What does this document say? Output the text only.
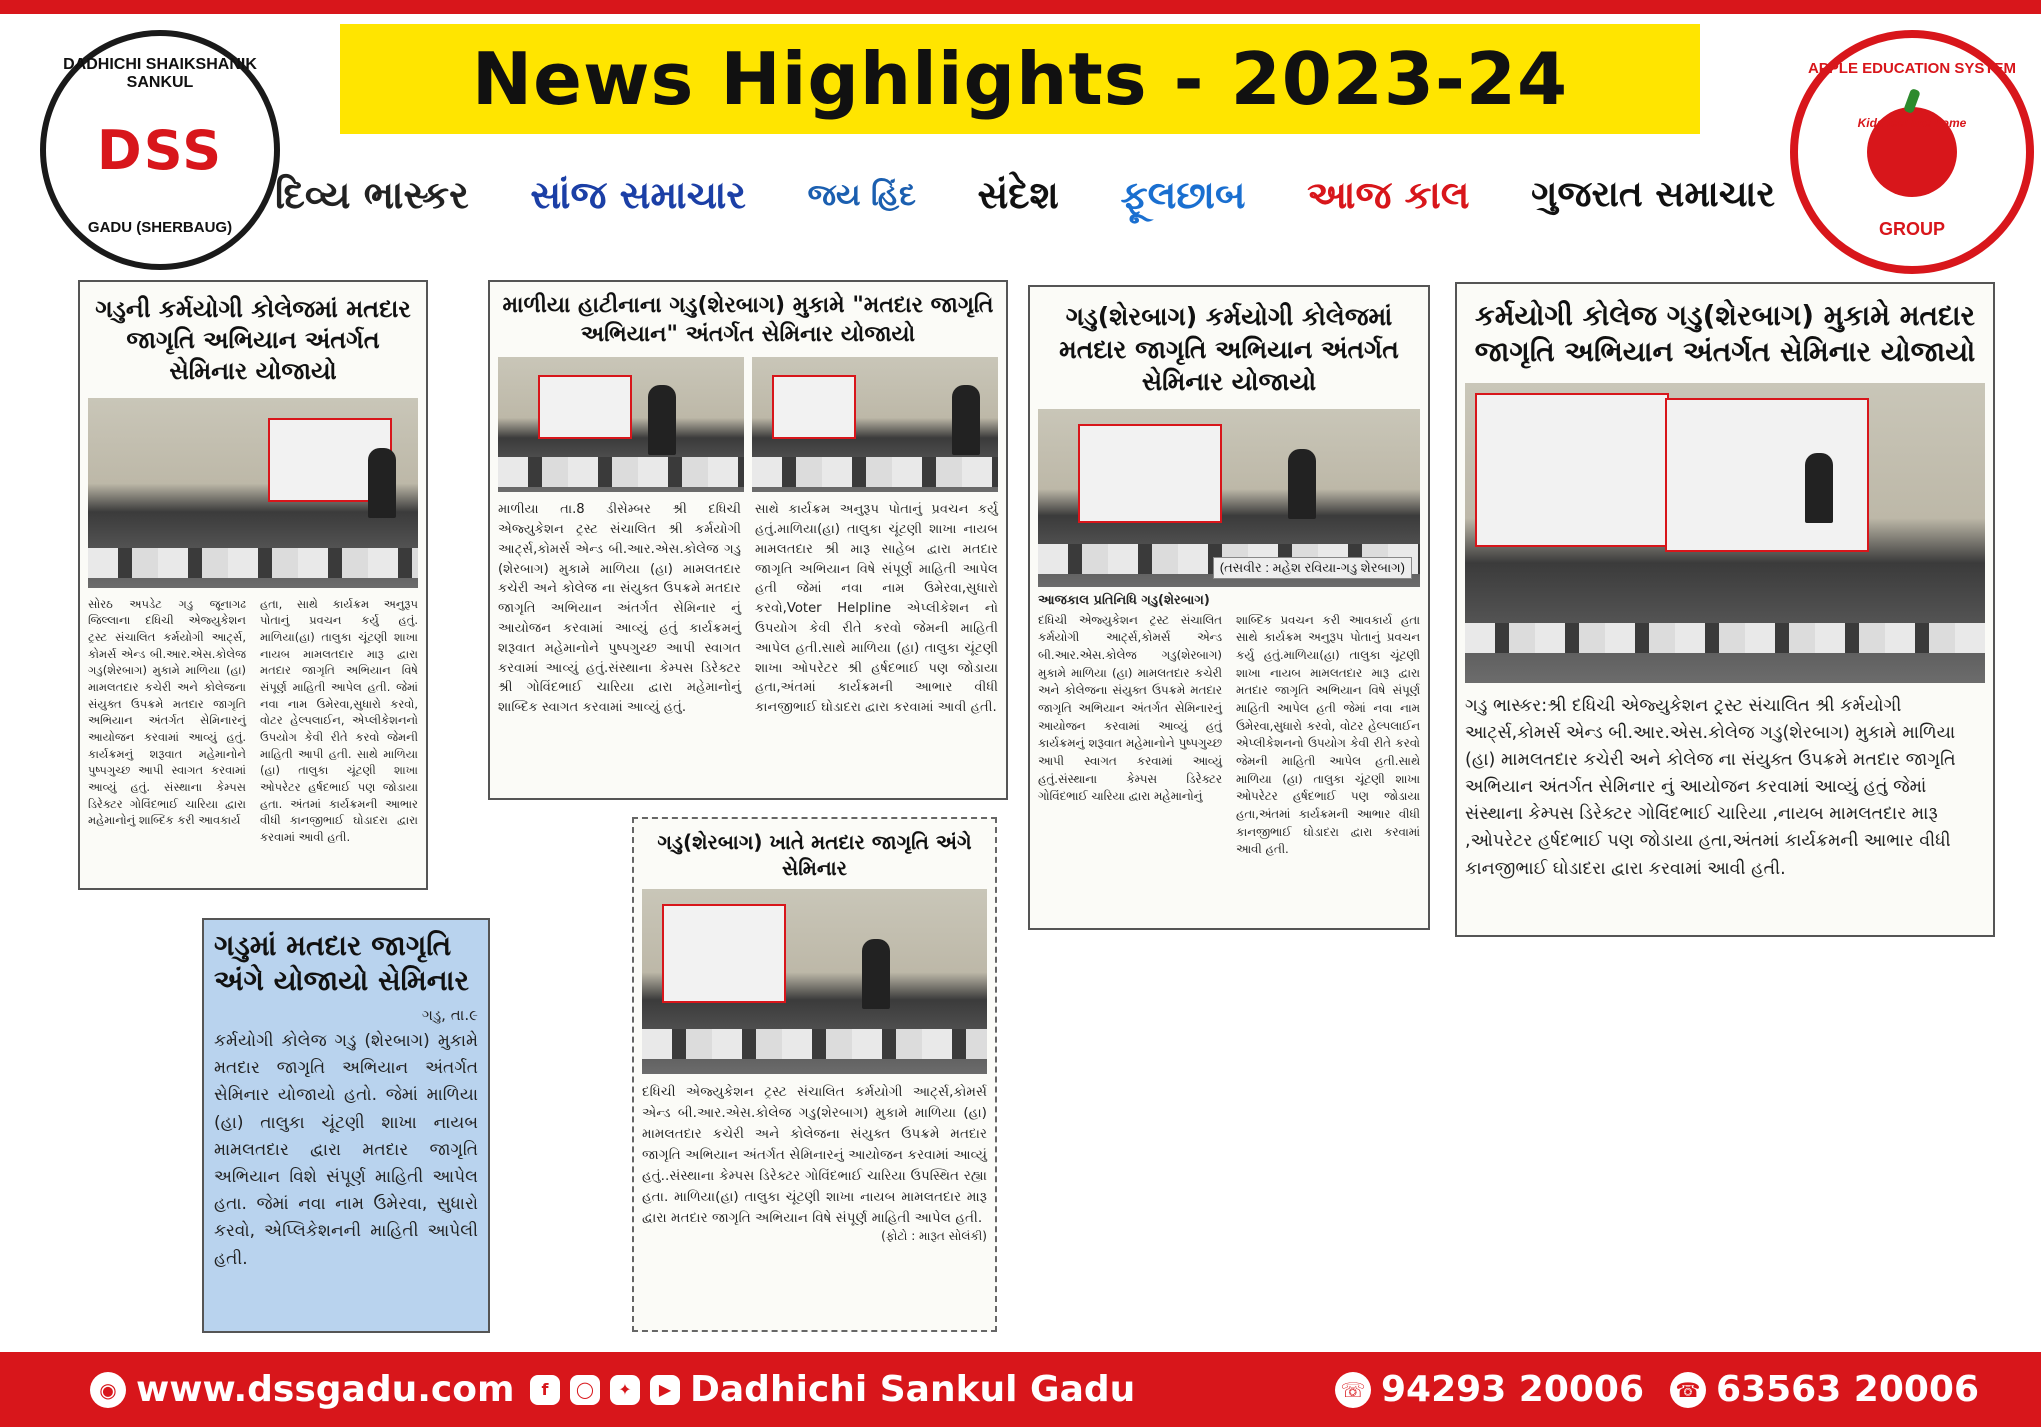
DADHICHI SHAIKSHANIK SANKUL
DSS
GADU (SHERBAUG)
News Highlights - 2023-24	APPLE EDUCATION SYSTEM
Kids feel like home
GROUP
દિવ્ય ભાસ્કર સાંજ સમાચાર જય હિંદ સંદેશ ફૂલછાબ આજ કાલ ગુજરાત સમાચાર
ગડુની કર્મયોગી કોલેજમાં મતદાર જાગૃતિ અભિયાન અંતર્ગત સેમિનાર યોજાયો
સોરઠ અપડેટ ગડુ જૂનાગઢ જિલ્લાના દધિચી એજ્યુકેશન ટ્રસ્ટ સંચાલિત કર્મયોગી આર્ટ્સ, કોમર્સ એન્ડ બી.આર.એસ.કોલેજ ગડુ(શેરબાગ) મુકામે માળિયા (હા) મામલતદાર કચેરી અને કોલેજના સંયુક્ત ઉપક્રમે મતદાર જાગૃતિ અભિયાન અંતર્ગત સેમિનારનું આયોજન કરવામાં આવ્યું હતું. કાર્યક્રમનું શરૂવાત મહેમાનોને પુષ્પગુચ્છ આપી સ્વાગત કરવામાં આવ્યું હતું. સંસ્થાના કેમ્પસ ડિરેક્ટર ગોવિંદભાઈ ચારિયા દ્વારા મહેમાનોનું શાબ્દિક કરી આવકાર્ય
હતા, સાથે કાર્યક્રમ અનુરૂપ પોતાનું પ્રવચન કર્યુ હતું. માળિયા(હા) તાલુકા ચૂંટણી શાખા નાયબ મામલતદાર મારૂ દ્વારા મતદાર જાગૃતિ અભિયાન વિષે સંપૂર્ણ માહિતી આપેલ હતી. જેમાં નવા નામ ઉમેરવા,સુધારો કરવો, વોટર હેલ્પલાઈન, એપ્લીકેશનનો ઉપયોગ કેવી રીતે કરવો જેમની માહિતી આપી હતી. સાથે માળિયા (હા) તાલુકા ચૂંટણી શાખા ઓપરેટર હર્ષદભાઈ પણ જોડાયા હતા. અંતમાં કાર્યક્રમની આભાર વીધી કાનજીભાઈ ઘોડાદરા દ્વારા કરવામાં આવી હતી.
માળીયા હાટીનાના ગડુ(શેરબાગ) મુકામે "મતદાર જાગૃતિ અભિયાન" અંતર્ગત સેમિનાર યોજાયો
માળીયા તા.8 ડીસેમ્બર શ્રી દધિચી એજ્યુકેશન ટ્રસ્ટ સંચાલિત શ્રી કર્મયોગી આર્ટ્સ,કોમર્સ એન્ડ બી.આર.એસ.કોલેજ ગડુ (શેરબાગ) મુકામે માળિયા (હા) મામલતદાર કચેરી અને કોલેજ ના સંયુક્ત ઉપક્રમે મતદાર જાગૃતિ અભિયાન અંતર્ગત સેમિનાર નું આયોજન કરવામાં આવ્યું હતું કાર્યક્રમનું શરૂવાત મહેમાનોને પુષ્પગુચ્છ આપી સ્વાગત કરવામાં આવ્યું હતું.સંસ્થાના કેમ્પસ ડિરેક્ટર શ્રી ગોવિંદભાઈ ચારિયા દ્વારા મહેમાનોનું શાબ્દિક સ્વાગત કરવામાં આવ્યું હતું.
સાથે કાર્યક્રમ અનુરૂપ પોતાનું પ્રવચન કર્યુ હતું.માળિયા(હા) તાલુકા ચૂંટણી શાખા નાયબ મામલતદાર શ્રી મારૂ સાહેબ દ્વારા મતદાર જાગૃતિ અભિયાન વિષે સંપૂર્ણ માહિતી આપેલ હતી જેમાં નવા નામ ઉમેરવા,સુધારો કરવો,Voter Helpline એપ્લીકેશન નો ઉપયોગ કેવી રીતે કરવો જેમની માહિતી આપેલ હતી.સાથે માળિયા (હા) તાલુકા ચૂંટણી શાખા ઓપરેટર શ્રી હર્ષદભાઈ પણ જોડાયા હતા,અંતમાં કાર્યક્રમની આભાર વીધી કાનજીભાઈ ઘોડાદરા દ્વારા કરવામાં આવી હતી.
ગડુ(શેરબાગ) કર્મયોગી કોલેજમાં મતદાર જાગૃતિ અભિયાન અંતર્ગત સેમિનાર યોજાયો
(તસવીર : મહેશ રવિયા-ગડુ શેરબાગ)
આજકાલ પ્રતિનિધિ ગડુ(શેરબાગ)
દધિચી એજ્યુકેશન ટ્રસ્ટ સંચાલિત કર્મયોગી આર્ટ્સ,કોમર્સ એન્ડ બી.આર.એસ.કોલેજ ગડુ(શેરબાગ) મુકામે માળિયા (હા) મામલતદાર કચેરી અને કોલેજના સંયુક્ત ઉપક્રમે મતદાર જાગૃતિ અભિયાન અંતર્ગત સેમિનારનું આયોજન કરવામાં આવ્યું હતું કાર્યક્રમનું શરૂવાત મહેમાનોને પુષ્પગુચ્છ આપી સ્વાગત કરવામાં આવ્યું હતું.સંસ્થાના કેમ્પસ ડિરેક્ટર ગોવિંદભાઈ ચારિયા દ્વારા મહેમાનોનું
શાબ્દિક પ્રવચન કરી આવકાર્ય હતા સાથે કાર્યક્રમ અનુરૂપ પોતાનું પ્રવચન કર્યુ હતું.માળિયા(હા) તાલુકા ચૂંટણી શાખા નાયબ મામલતદાર મારૂ દ્વારા મતદાર જાગૃતિ અભિયાન વિષે સંપૂર્ણ માહિતી આપેલ હતી જેમાં નવા નામ ઉમેરવા,સુધારો કરવો, વોટર હેલ્પલાઈન એપ્લીકેશનનો ઉપયોગ કેવી રીતે કરવો જેમની માહિતી આપેલ હતી.સાથે માળિયા (હા) તાલુકા ચૂંટણી શાખા ઓપરેટર હર્ષદભાઈ પણ જોડાયા હતા,અંતમાં કાર્યક્રમની આભાર વીધી કાનજીભાઈ ઘોડાદરા દ્વારા કરવામાં આવી હતી.
કર્મયોગી કોલેજ ગડુ(શેરબાગ) મુકામે મતદાર જાગૃતિ અભિયાન અંતર્ગત સેમિનાર યોજાયો
ગડુ ભાસ્કર:શ્રી દધિચી એજ્યુકેશન ટ્રસ્ટ સંચાલિત શ્રી કર્મયોગી આર્ટ્સ,કોમર્સ એન્ડ બી.આર.એસ.કોલેજ ગડુ(શેરબાગ) મુકામે માળિયા (હા) મામલતદાર કચેરી અને કોલેજ ના સંયુક્ત ઉપક્રમે મતદાર જાગૃતિ અભિયાન અંતર્ગત સેમિનાર નું આયોજન કરવામાં આવ્યું હતું જેમાં સંસ્થાના કેમ્પસ ડિરેક્ટર ગોવિંદભાઈ ચારિયા ,નાયબ મામલતદાર મારૂ ,ઓપરેટર હર્ષદભાઈ પણ જોડાયા હતા,અંતમાં કાર્યક્રમની આભાર વીધી કાનજીભાઈ ઘોડાદરા દ્વારા કરવામાં આવી હતી.
ગડુમાં મતદાર જાગૃતિ અંગે યોજાયો સેમિનાર
ગડુ, તા.૯
કર્મયોગી કોલેજ ગડુ (શેરબાગ) મુકામે મતદાર જાગૃતિ અભિયાન અંતર્ગત સેમિનાર યોજાયો હતો. જેમાં માળિયા (હા) તાલુકા ચૂંટણી શાખા નાયબ મામલતદાર દ્વારા મતદાર જાગૃતિ અભિયાન વિશે સંપૂર્ણ માહિતી આપેલ હતા. જેમાં નવા નામ ઉમેરવા, સુધારો કરવો, એપ્લિકેશનની માહિતી આપેલી હતી.
ગડુ(શેરબાગ) ખાતે મતદાર જાગૃતિ અંગે સેમિનાર
દધિચી એજ્યુકેશન ટ્રસ્ટ સંચાલિત કર્મયોગી આર્ટ્સ,કોમર્સ એન્ડ બી.આર.એસ.કોલેજ ગડુ(શેરબાગ) મુકામે માળિયા (હા) મામલતદાર કચેરી અને કોલેજના સંયુક્ત ઉપક્રમે મતદાર જાગૃતિ અભિયાન અંતર્ગત સેમિનારનું આયોજન કરવામાં આવ્યું હતું..સંસ્થાના કેમ્પસ ડિરેક્ટર ગોવિંદભાઈ ચારિયા ઉપસ્થિત રહ્યા હતા. માળિયા(હા) તાલુકા ચૂંટણી શાખા નાયબ મામલતદાર મારૂ દ્વારા મતદાર જાગૃતિ અભિયાન વિષે સંપૂર્ણ માહિતી આપેલ હતી.
(ફોટો : મારૂત સોલંકી)
◉ www.dssgadu.com	f	◯	✦	▶ Dadhichi Sankul Gadu	☏ 94293 20006 ☎ 63563 20006
